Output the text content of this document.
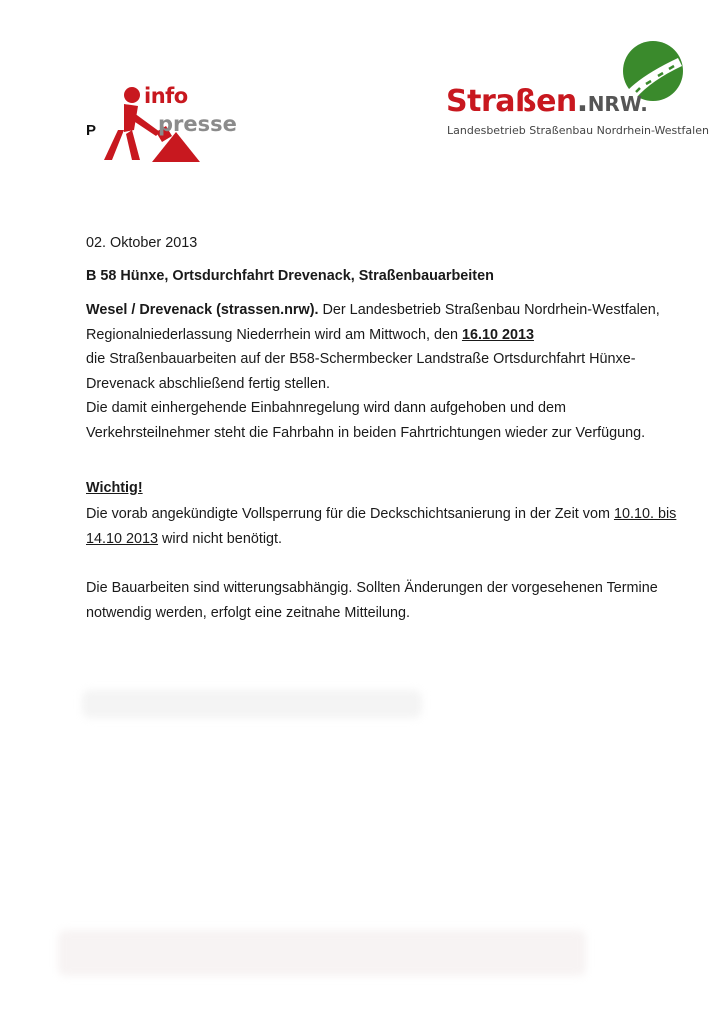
P
info
presse
Straßen.NRW.
Landesbetrieb Straßenbau Nordrhein-Westfalen
02. Oktober 2013
B 58 Hünxe, Ortsdurchfahrt Drevenack, Straßenbauarbeiten
Wesel / Drevenack (strassen.nrw). Der Landesbetrieb Straßenbau Nordrhein-Westfalen,
Regionalniederlassung Niederrhein wird am Mittwoch, den 16.10 2013
die Straßenbauarbeiten auf der B58-Schermbecker Landstraße Ortsdurchfahrt Hünxe-
Drevenack abschließend fertig stellen.
Die damit einhergehende Einbahnregelung wird dann aufgehoben und dem
Verkehrsteilnehmer steht die Fahrbahn in beiden Fahrtrichtungen wieder zur Verfügung.
Wichtig!
Die vorab angekündigte Vollsperrung für die Deckschichtsanierung in der Zeit vom 10.10. bis
14.10 2013 wird nicht benötigt.
Die Bauarbeiten sind witterungsabhängig. Sollten Änderungen der vorgesehenen Termine
notwendig werden, erfolgt eine zeitnahe Mitteilung.
